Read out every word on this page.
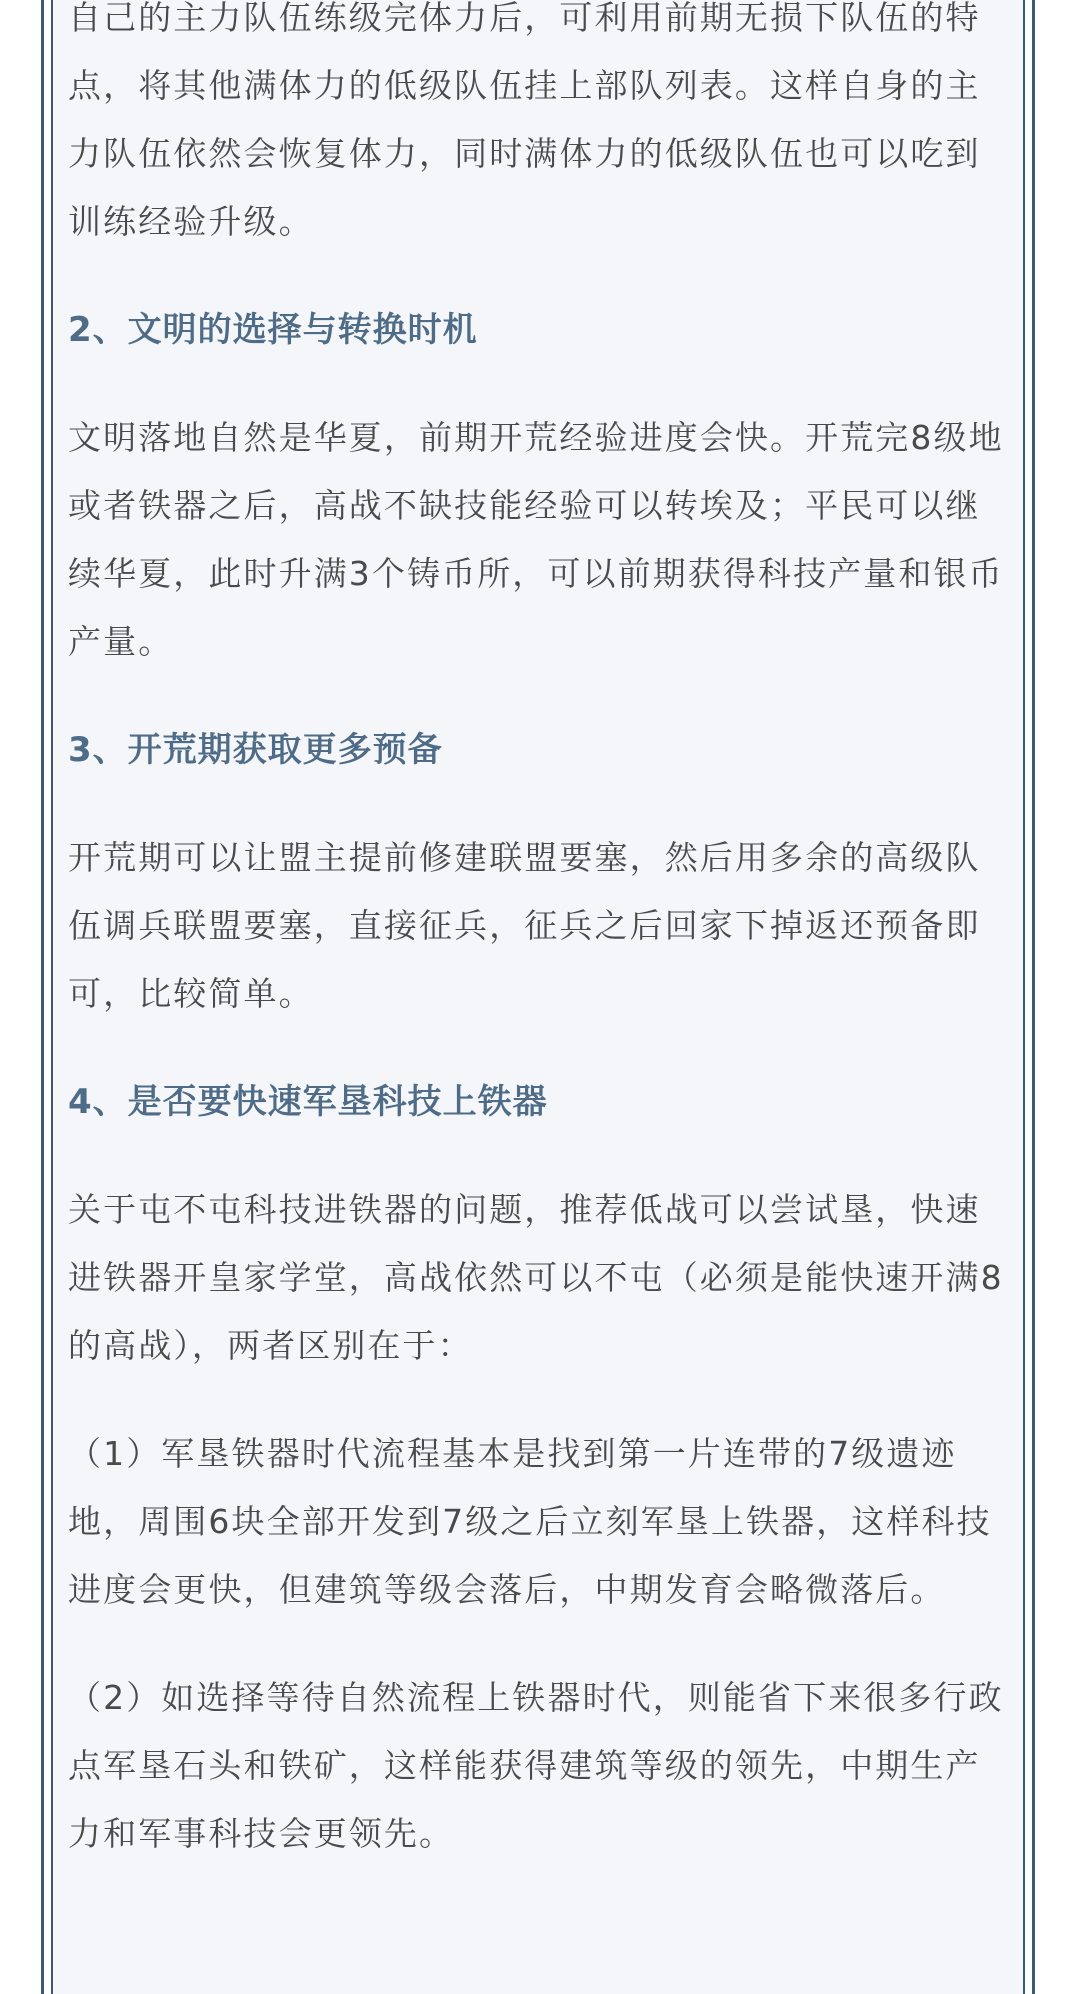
自己的主力队伍练级完体力后，可利用前期无损下队伍的特点，将其他满体力的低级队伍挂上部队列表。这样自身的主力队伍依然会恢复体力，同时满体力的低级队伍也可以吃到训练经验升级。

2、文明的选择与转换时机

文明落地自然是华夏，前期开荒经验进度会快。开荒完8级地或者铁器之后，高战不缺技能经验可以转埃及；平民可以继续华夏，此时升满3个铸币所，可以前期获得科技产量和银币产量。

3、开荒期获取更多预备

开荒期可以让盟主提前修建联盟要塞，然后用多余的高级队伍调兵联盟要塞，直接征兵，征兵之后回家下掉返还预备即可，比较简单。

4、是否要快速军垦科技上铁器

关于屯不屯科技进铁器的问题，推荐低战可以尝试垦，快速进铁器开皇家学堂，高战依然可以不屯（必须是能快速开满8的高战），两者区别在于：

（1）军垦铁器时代流程基本是找到第一片连带的7级遗迹地，周围6块全部开发到7级之后立刻军垦上铁器，这样科技进度会更快，但建筑等级会落后，中期发育会略微落后。

（2）如选择等待自然流程上铁器时代，则能省下来很多行政点军垦石头和铁矿，这样能获得建筑等级的领先，中期生产力和军事科技会更领先。
